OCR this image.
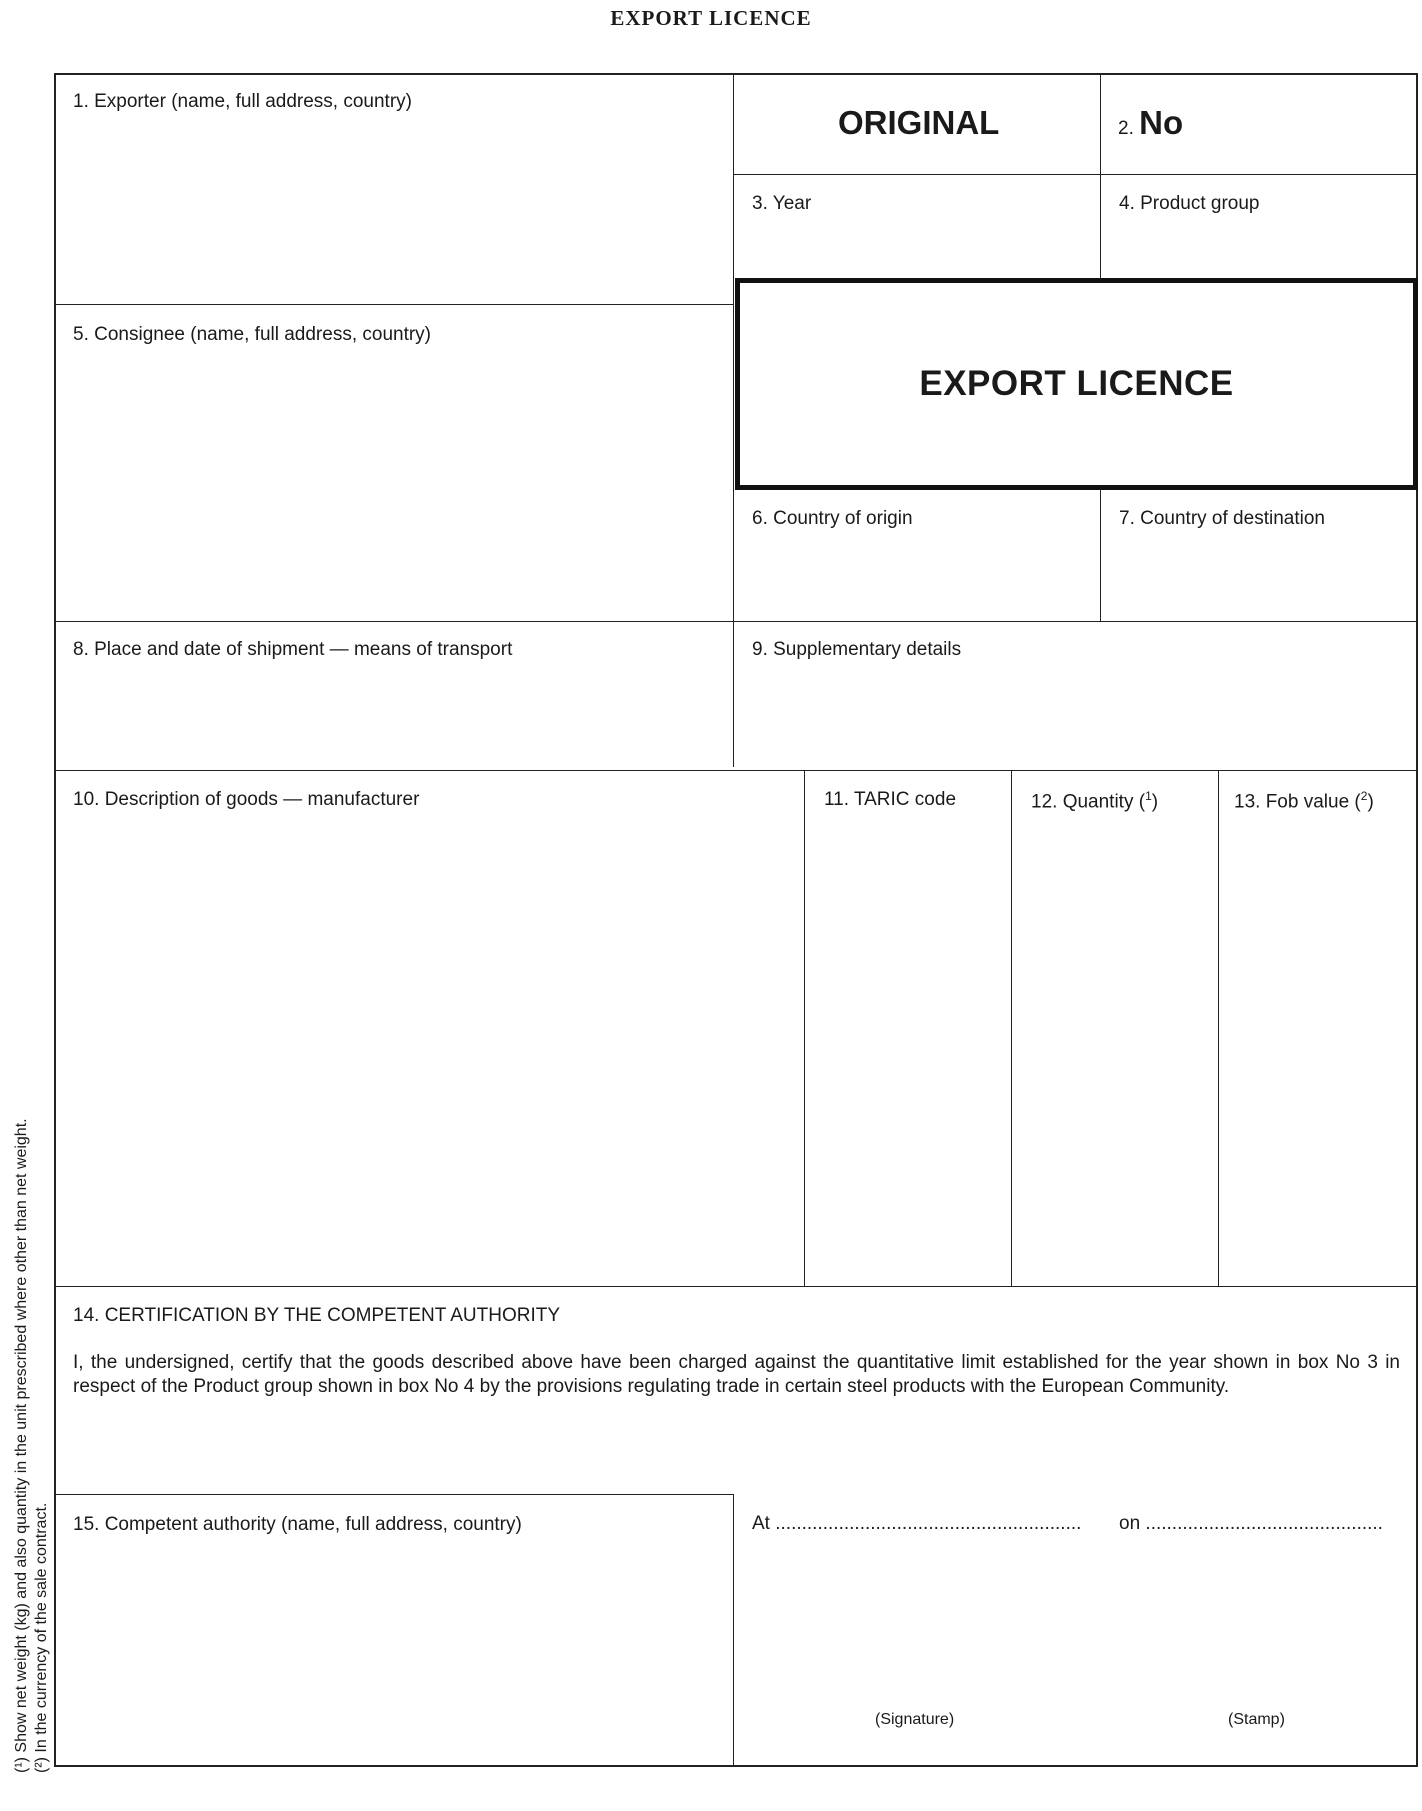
EXPORT LICENCE
1. Exporter (name, full address, country)
ORIGINAL	2. No
3. Year	4. Product group
5. Consignee (name, full address, country)
EXPORT LICENCE
6. Country of origin	7. Country of destination
8. Place and date of shipment — means of transport	9. Supplementary details
10. Description of goods — manufacturer	11. TARIC code	12. Quantity ($^1$)	13. Fob value ($^2$)
14. CERTIFICATION BY THE COMPETENT AUTHORITY
I, the undersigned, certify that the goods described above have been charged against the quantitative limit established for the year shown in box No 3 in respect of the Product group shown in box No 4 by the provisions regulating trade in certain steel products with the European Community.
15. Competent authority (name, full address, country)	At .......................................................... on .............................................
(Signature)	(Stamp)
(¹) Show net weight (kg) and also quantity in the unit prescribed where other than net weight. (²) In the currency of the sale contract.
